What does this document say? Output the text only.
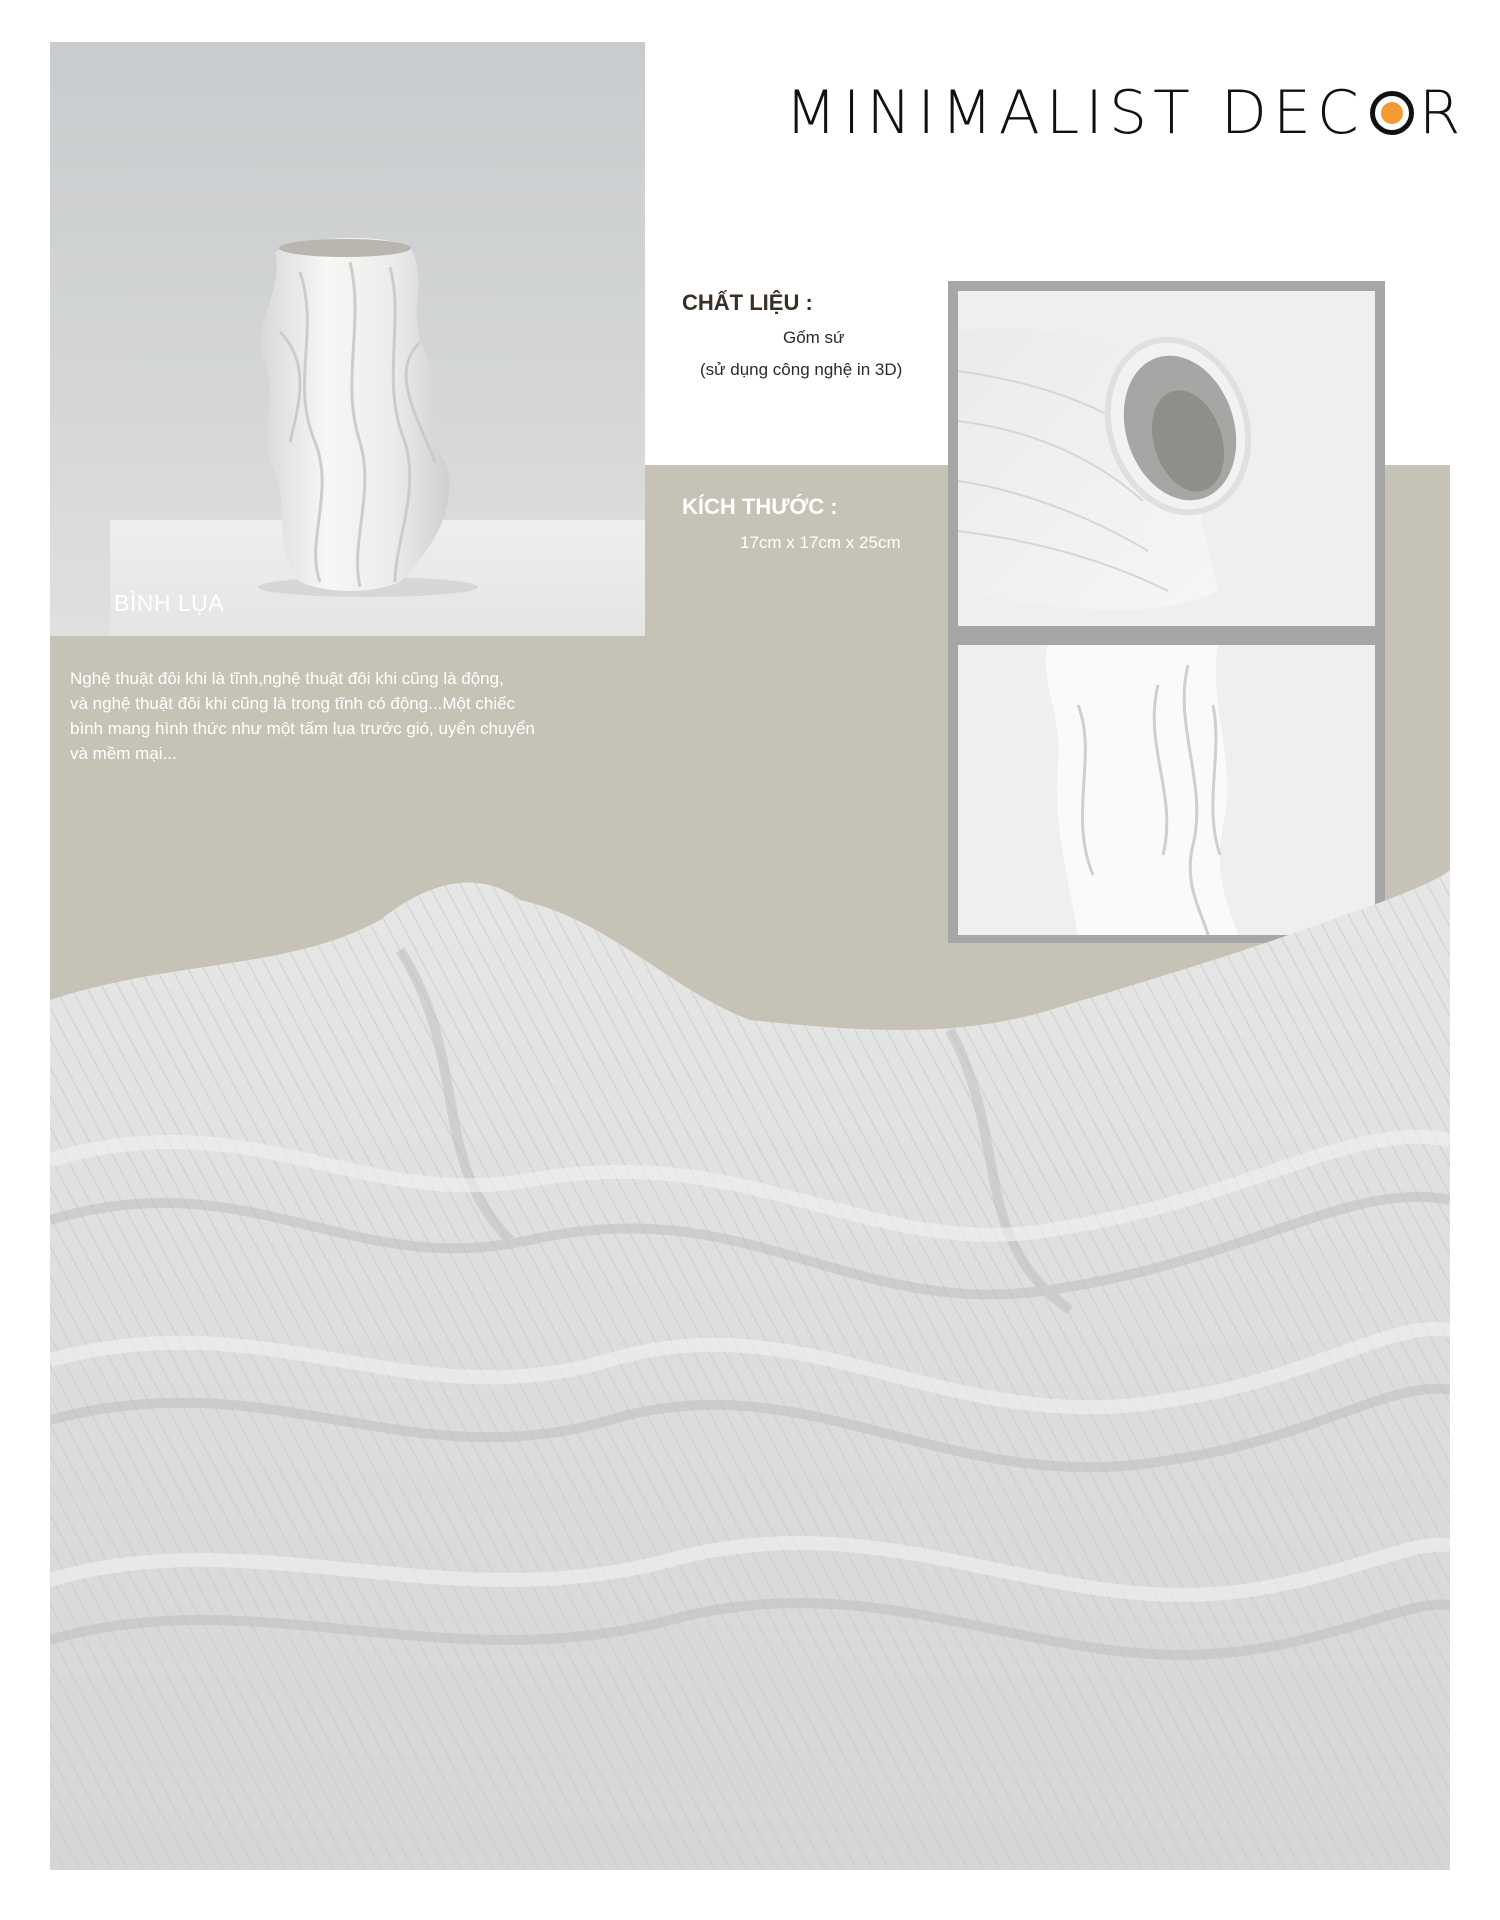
BÌNH LỤA
MINIMALIST DEC R
CHẤT LIỆU :
Gốm sứ
(sử dụng công nghệ in 3D)
KÍCH THƯỚC :
17cm x 17cm x 25cm
Nghệ thuật đôi khi là tĩnh,nghệ thuật đôi khi cũng là động,
và nghệ thuật đôi khi cũng là trong tĩnh có động...Một chiếc
bình mang hình thức như một tấm lụa trước gió, uyển chuyển
và mềm mại...
